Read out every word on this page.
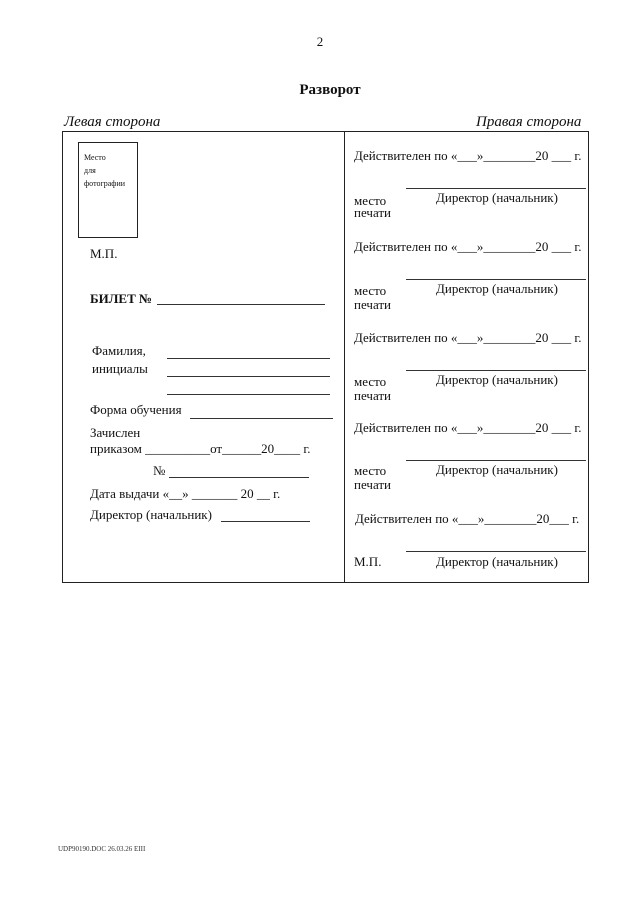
2
Разворот
Левая сторона	Правая сторона
Место
для
фотографии
М.П.
БИЛЕТ №
Фамилия,
инициалы
Форма обучения
Зачислен
приказом __________от______20____ г.
№
Дата выдачи «__» _______ 20 __ г.
Директор (начальник)
Действителен по «___»________20 ___ г.
место
печати
Директор (начальник)
Действителен по «___»________20 ___ г.
место
печати
Директор (начальник)
Действителен по «___»________20 ___ г.
место
печати
Директор (начальник)
Действителен по «___»________20 ___ г.
место
печати
Директор (начальник)
Действителен по «___»________20___ г.
М.П.	Директор (начальник)
UDP90190.DOC 26.03.26 EIII
